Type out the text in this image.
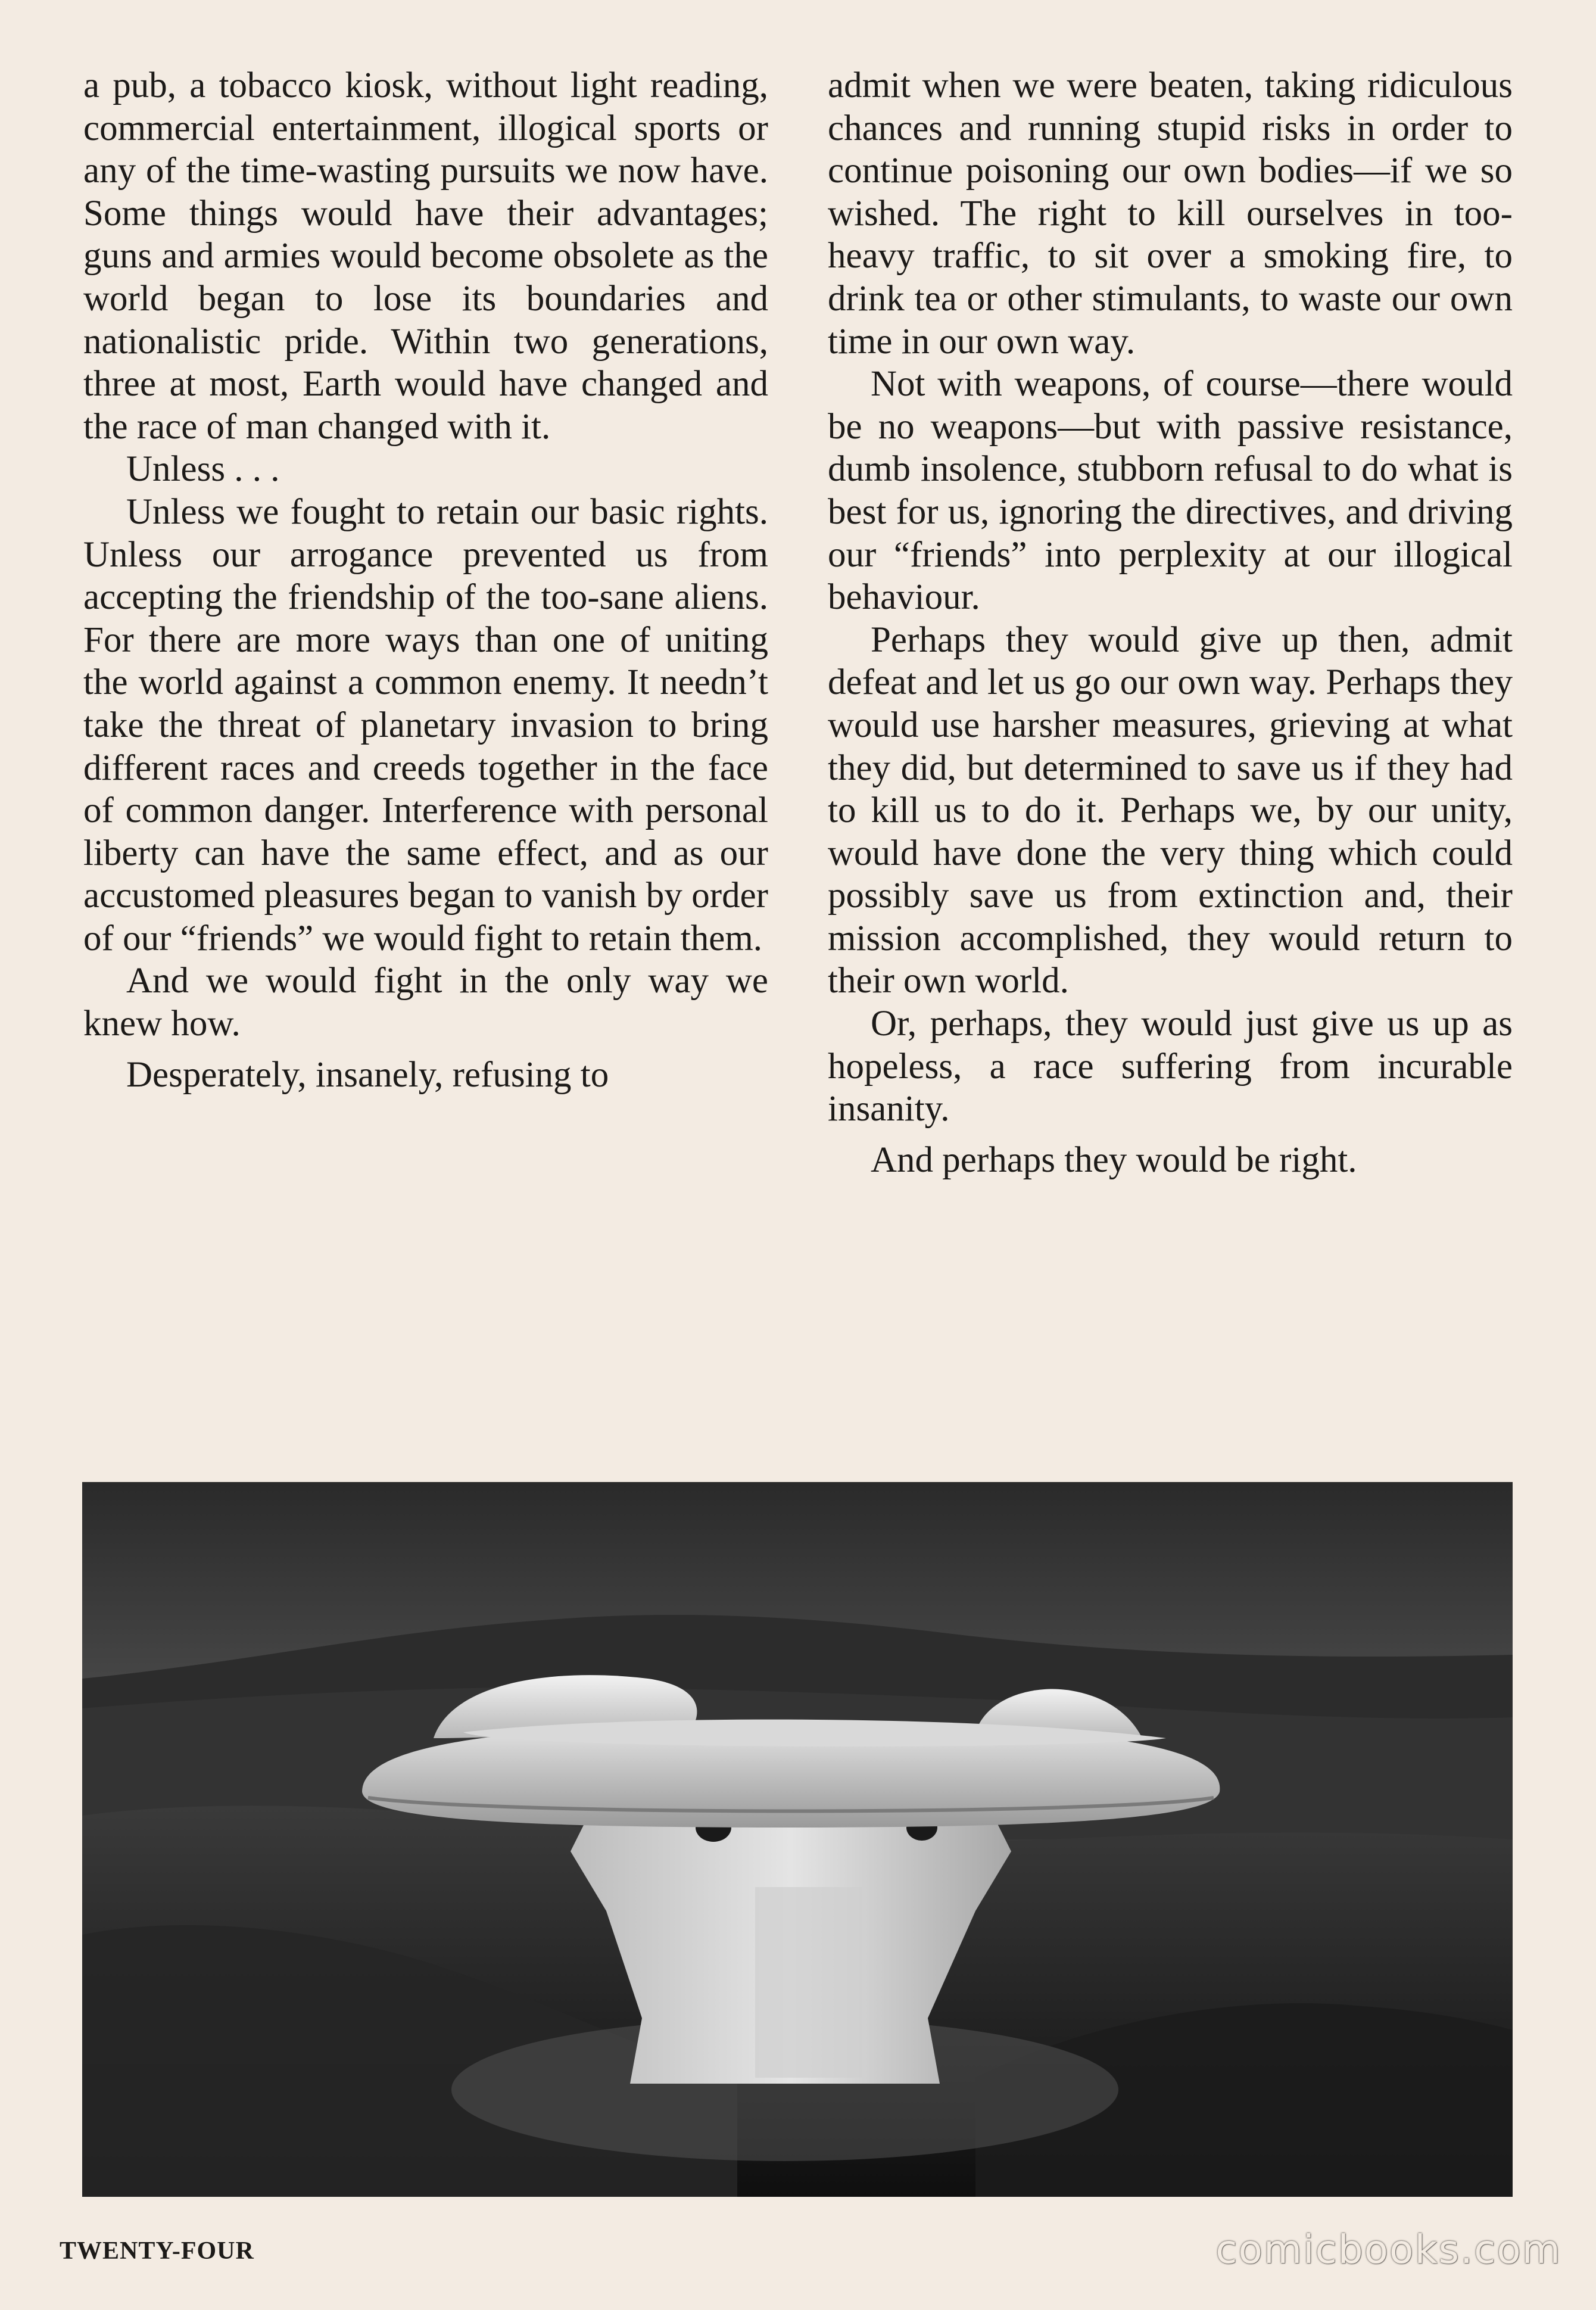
a pub, a tobacco kiosk, without light reading, commercial entertainment, illogical sports or any of the time-wasting pursuits we now have. Some things would have their advantages; guns and armies would become obsolete as the world began to lose its boundaries and nationalistic pride. Within two generations, three at most, Earth would have changed and the race of man changed with it.

Unless . . .

Unless we fought to retain our basic rights. Unless our arrogance prevented us from accepting the friendship of the too-sane aliens. For there are more ways than one of uniting the world against a common enemy. It needn’t take the threat of planetary invasion to bring different races and creeds together in the face of common danger. Interference with personal liberty can have the same effect, and as our accustomed pleasures began to vanish by order of our “friends” we would fight to retain them.

And we would fight in the only way we knew how.

Desperately, insanely, refusing to

admit when we were beaten, taking ridiculous chances and running stupid risks in order to continue poisoning our own bodies—if we so wished. The right to kill ourselves in too-heavy traffic, to sit over a smoking fire, to drink tea or other stimulants, to waste our own time in our own way.

Not with weapons, of course—there would be no weapons—but with passive resistance, dumb insolence, stubborn refusal to do what is best for us, ignoring the directives, and driving our “friends” into perplexity at our illogical behaviour.

Perhaps they would give up then, admit defeat and let us go our own way. Perhaps they would use harsher measures, grieving at what they did, but determined to save us if they had to kill us to do it. Perhaps we, by our unity, would have done the very thing which could possibly save us from extinction and, their mission accomplished, they would return to their own world.

Or, perhaps, they would just give us up as hopeless, a race suffering from incurable insanity.

And perhaps they would be right.

TWENTY-FOUR	comicbooks.com
